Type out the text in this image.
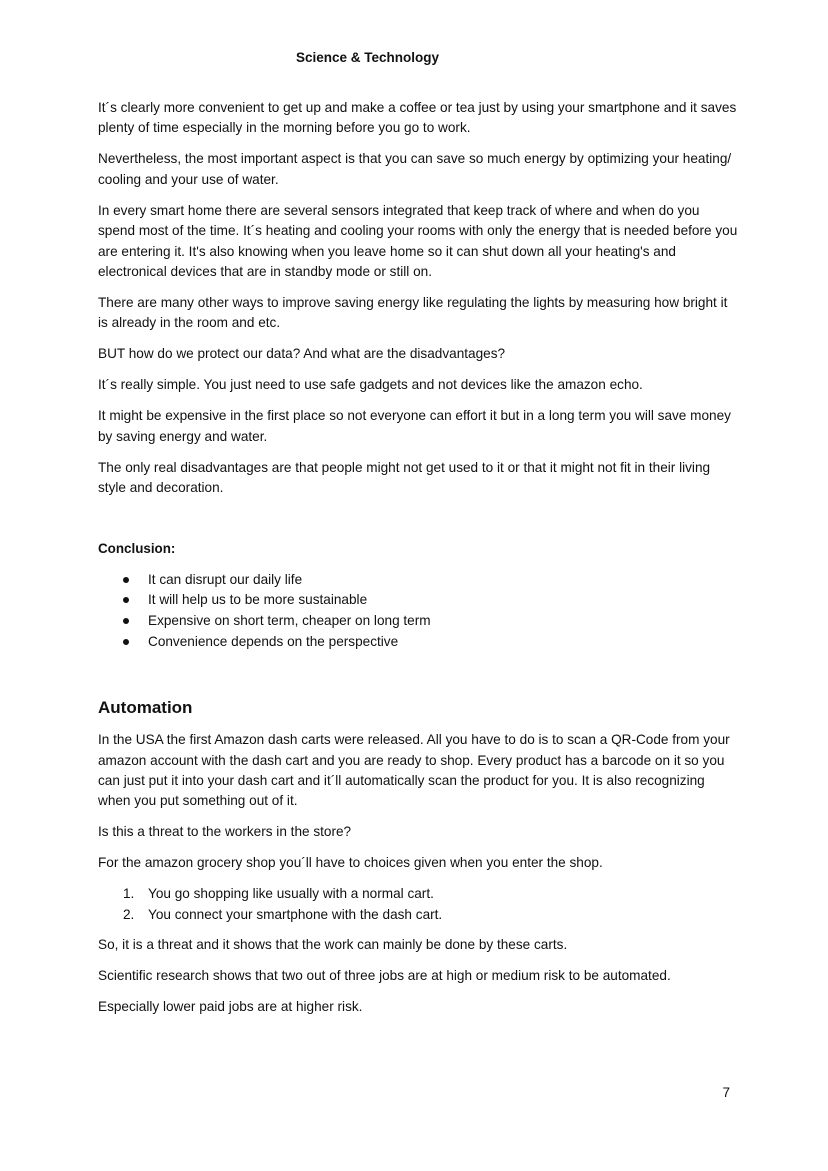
Science & Technology

It´s clearly more convenient to get up and make a coffee or tea just by using your smartphone and it saves plenty of time especially in the morning before you go to work.

Nevertheless, the most important aspect is that you can save so much energy by optimizing your heating/ cooling and your use of water.

In every smart home there are several sensors integrated that keep track of where and when do you spend most of the time. It´s heating and cooling your rooms with only the energy that is needed before you are entering it. It's also knowing when you leave home so it can shut down all your heating's and electronical devices that are in standby mode or still on.

There are many other ways to improve saving energy like regulating the lights by measuring how bright it is already in the room and etc.

BUT how do we protect our data? And what are the disadvantages?

It´s really simple. You just need to use safe gadgets and not devices like the amazon echo.

It might be expensive in the first place so not everyone can effort it but in a long term you will save money by saving energy and water.

The only real disadvantages are that people might not get used to it or that it might not fit in their living style and decoration.

Conclusion:
It can disrupt our daily life
It will help us to be more sustainable
Expensive on short term, cheaper on long term
Convenience depends on the perspective
Automation

In the USA the first Amazon dash carts were released. All you have to do is to scan a QR-Code from your amazon account with the dash cart and you are ready to shop. Every product has a barcode on it so you can just put it into your dash cart and it´ll automatically scan the product for you. It is also recognizing when you put something out of it.

Is this a threat to the workers in the store?

For the amazon grocery shop you´ll have to choices given when you enter the shop.

1. You go shopping like usually with a normal cart.
2. You connect your smartphone with the dash cart.

So, it is a threat and it shows that the work can mainly be done by these carts.

Scientific research shows that two out of three jobs are at high or medium risk to be automated.

Especially lower paid jobs are at higher risk.

7
